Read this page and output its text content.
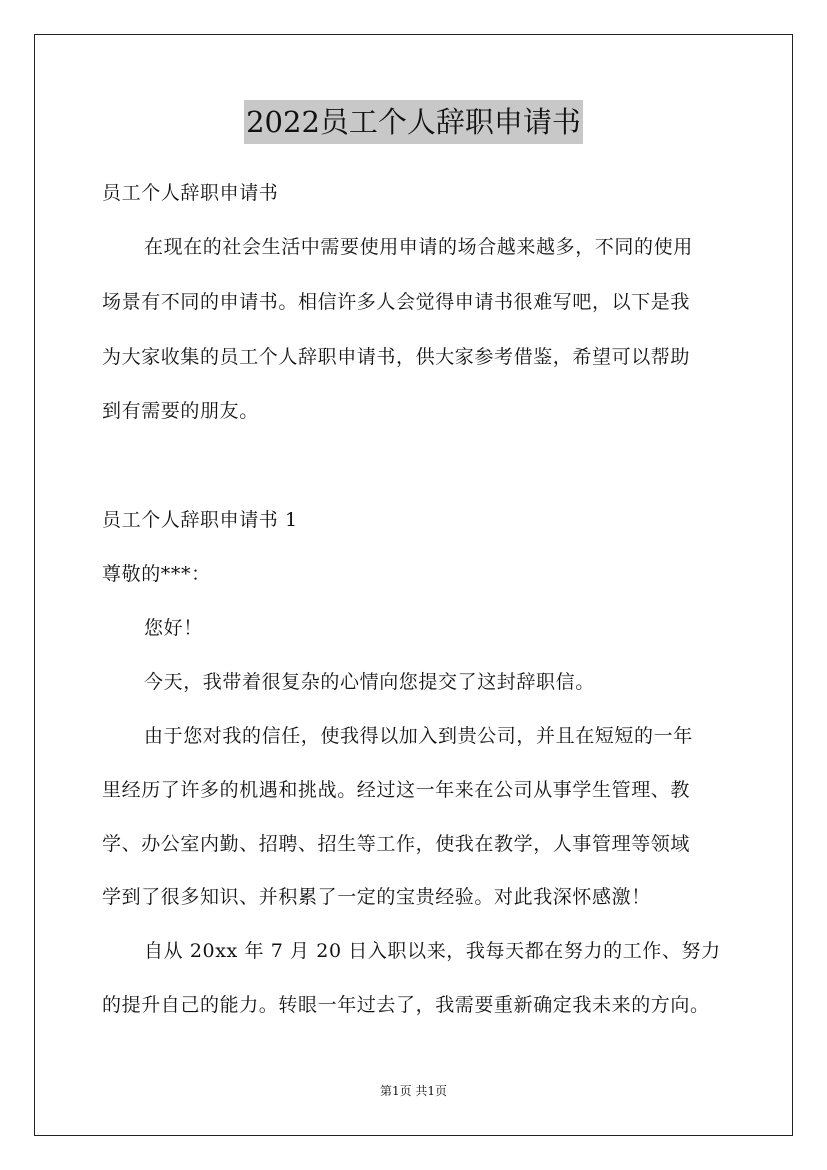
2022员工个人辞职申请书
员工个人辞职申请书
在现在的社会生活中需要使用申请的场合越来越多，不同的使用
场景有不同的申请书。相信许多人会觉得申请书很难写吧，以下是我
为大家收集的员工个人辞职申请书，供大家参考借鉴，希望可以帮助
到有需要的朋友。
员工个人辞职申请书 1
尊敬的***：
您好！
今天，我带着很复杂的心情向您提交了这封辞职信。
由于您对我的信任，使我得以加入到贵公司，并且在短短的一年
里经历了许多的机遇和挑战。经过这一年来在公司从事学生管理、教
学、办公室内勤、招聘、招生等工作，使我在教学，人事管理等领域
学到了很多知识、并积累了一定的宝贵经验。对此我深怀感激！
自从 20xx 年 7 月 20 日入职以来，我每天都在努力的工作、努力
的提升自己的能力。转眼一年过去了，我需要重新确定我未来的方向。
第1页 共1页
